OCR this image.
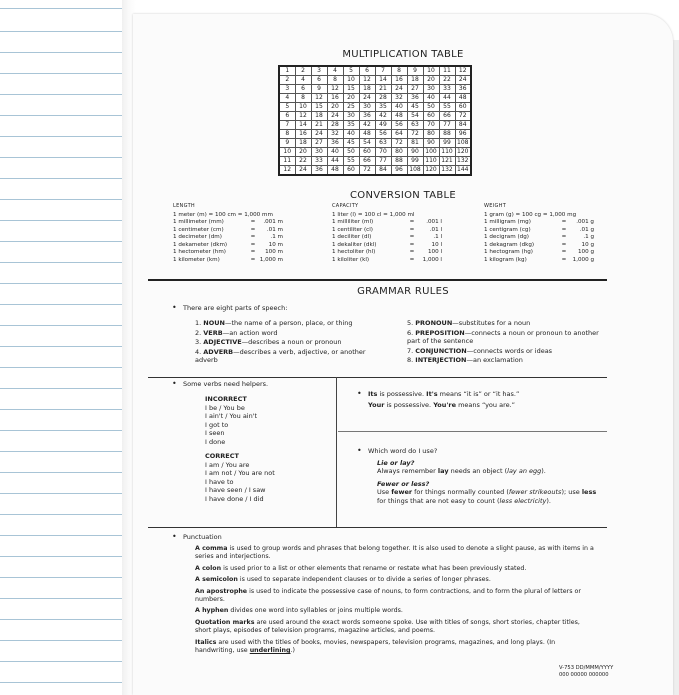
MULTIPLICATION TABLE
1	2	3	4	5	6	7	8	9	10	11	12
2	4	6	8	10	12	14	16	18	20	22	24
3	6	9	12	15	18	21	24	27	30	33	36
4	8	12	16	20	24	28	32	36	40	44	48
5	10	15	20	25	30	35	40	45	50	55	60
6	12	18	24	30	36	42	48	54	60	66	72
7	14	21	28	35	42	49	56	63	70	77	84
8	16	24	32	40	48	56	64	72	80	88	96
9	18	27	36	45	54	63	72	81	90	99	108
10	20	30	40	50	60	70	80	90	100	110	120
11	22	33	44	55	66	77	88	99	110	121	132
12	24	36	48	60	72	84	96	108	120	132	144
CONVERSION TABLE
LENGTH
1 meter (m) = 100 cm = 1,000 mm
1 millimeter (mm)	=	.001 m
1 centimeter (cm)	=	.01 m
1 decimeter (dm)	=	.1 m
1 dekameter (dkm)	=	10 m
1 hectometer (hm)	=	100 m
1 kilometer (km)	= 1,000 m
CAPACITY
1 liter (l) = 100 cl = 1,000 ml
1 milliliter (ml)	=	.001 l
1 centiliter (cl)	=	.01 l
1 deciliter (dl)	=	.1 l
1 dekaliter (dkl)	=	10 l
1 hectoliter (hl)	=	100 l
1 kiloliter (kl)	=	1,000 l
WEIGHT
1 gram (g) = 100 cg = 1,000 mg
1 milligram (mg)	=	.001 g
1 centigram (cg)	=	.01 g
1 decigram (dg)	=	.1 g
1 dekagram (dkg)	=	10 g
1 hectogram (hg)	=	100 g
1 kilogram (kg)	=	1,000 g
GRAMMAR RULES
• There are eight parts of speech:
1. NOUN—the name of a person, place, or thing
2. VERB—an action word
3. ADJECTIVE—describes a noun or pronoun
4. ADVERB—describes a verb, adjective, or another adverb
5. PRONOUN—substitutes for a noun
6. PREPOSITION—connects a noun or pronoun to another part of the sentence
7. CONJUNCTION—connects words or ideas
8. INTERJECTION—an exclamation
• Some verbs need helpers.
INCORRECT
I be / You be
I ain't / You ain't
I got to
I seen
I done
CORRECT
I am / You are
I am not / You are not
I have to
I have seen / I saw
I have done / I did
• Its is possessive. It's means “it is” or “it has.”
Your is possessive. You're means “you are.”
• Which word do I use?
Lie or lay?
Always remember lay needs an object (lay an egg).
Fewer or less?
Use fewer for things normally counted (fewer strikeouts); use less for things that are not easy to count (less electricity).
• Punctuation
A comma is used to group words and phrases that belong together. It is also used to denote a slight pause, as with items in a series and interjections.
A colon is used prior to a list or other elements that rename or restate what has been previously stated.
A semicolon is used to separate independent clauses or to divide a series of longer phrases.
An apostrophe is used to indicate the possessive case of nouns, to form contractions, and to form the plural of letters or numbers.
A hyphen divides one word into syllables or joins multiple words.
Quotation marks are used around the exact words someone spoke. Use with titles of songs, short stories, chapter titles, short plays, episodes of television programs, magazine articles, and poems.
Italics are used with the titles of books, movies, newspapers, television programs, magazines, and long plays. (In handwriting, use underlining.)
V-753 DD/MMM/YYYY
000 00000 000000
